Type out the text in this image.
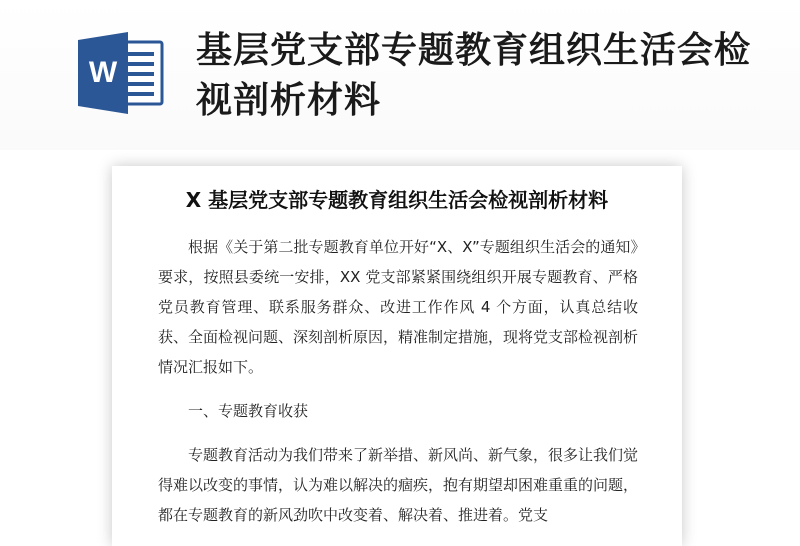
W
基层党支部专题教育组织生活会检视剖析材料
X 基层党支部专题教育组织生活会检视剖析材料

根据《关于第二批专题教育单位开好“X、X”专题组织生活会的通知》要求，按照县委统一安排，XX 党支部紧紧围绕组织开展专题教育、严格党员教育管理、联系服务群众、改进工作作风 4 个方面，认真总结收获、全面检视问题、深刻剖析原因，精准制定措施，现将党支部检视剖析情况汇报如下。

一、专题教育收获

专题教育活动为我们带来了新举措、新风尚、新气象，很多让我们觉得难以改变的事情，认为难以解决的痼疾，抱有期望却困难重重的问题，都在专题教育的新风劲吹中改变着、解决着、推进着。党支
